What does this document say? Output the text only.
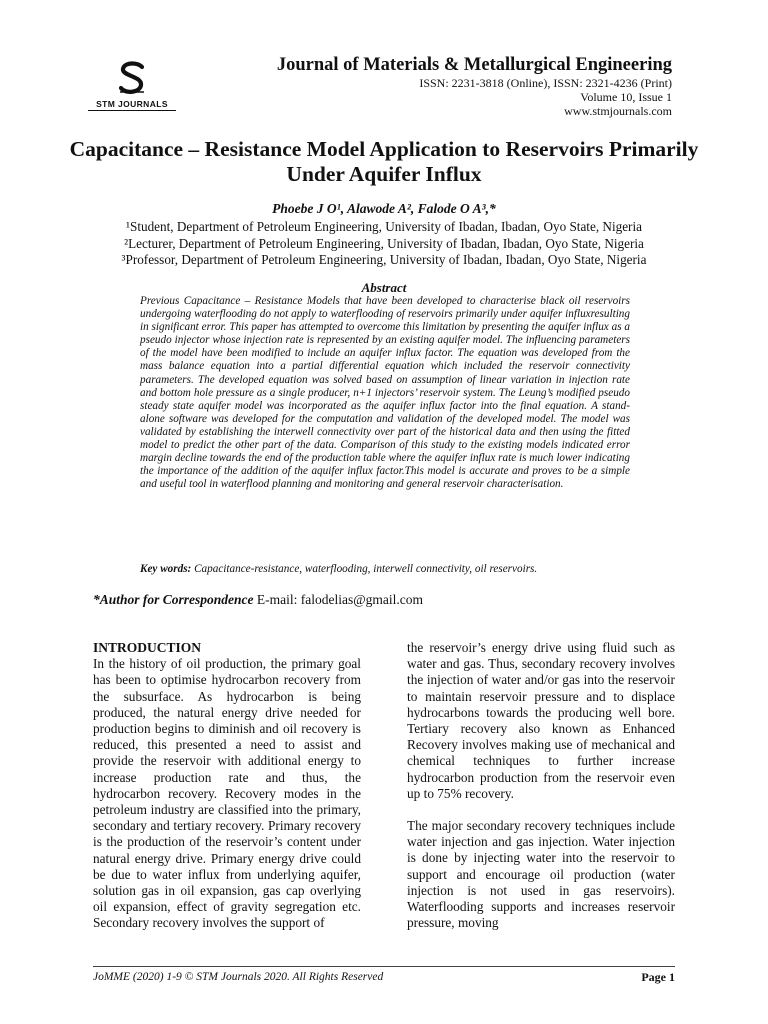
STM JOURNALS
Journal of Materials & Metallurgical Engineering
ISSN: 2231-3818 (Online), ISSN: 2321-4236 (Print)
Volume 10, Issue 1
www.stmjournals.com
Capacitance – Resistance Model Application to Reservoirs Primarily Under Aquifer Influx
Phoebe J O¹, Alawode A², Falode O A³,*
¹Student, Department of Petroleum Engineering, University of Ibadan, Ibadan, Oyo State, Nigeria
²Lecturer, Department of Petroleum Engineering, University of Ibadan, Ibadan, Oyo State, Nigeria
³Professor, Department of Petroleum Engineering, University of Ibadan, Ibadan, Oyo State, Nigeria
Abstract
Previous Capacitance – Resistance Models that have been developed to characterise black oil reservoirs undergoing waterflooding do not apply to waterflooding of reservoirs primarily under aquifer influxresulting in significant error. This paper has attempted to overcome this limitation by presenting the aquifer influx as a pseudo injector whose injection rate is represented by an existing aquifer model. The influencing parameters of the model have been modified to include an aquifer influx factor. The equation was developed from the mass balance equation into a partial differential equation which included the reservoir connectivity parameters. The developed equation was solved based on assumption of linear variation in injection rate and bottom hole pressure as a single producer, n+1 injectors’ reservoir system. The Leung’s modified pseudo steady state aquifer model was incorporated as the aquifer influx factor into the final equation. A stand-alone software was developed for the computation and validation of the developed model. The model was validated by establishing the interwell connectivity over part of the historical data and then using the fitted model to predict the other part of the data. Comparison of this study to the existing models indicated error margin decline towards the end of the production table where the aquifer influx rate is much lower indicating the importance of the addition of the aquifer influx factor.This model is accurate and proves to be a simple and useful tool in waterflood planning and monitoring and general reservoir characterisation.
Key words: Capacitance-resistance, waterflooding, interwell connectivity, oil reservoirs.
*Author for Correspondence E-mail: falodelias@gmail.com
INTRODUCTION

In the history of oil production, the primary goal has been to optimise hydrocarbon recovery from the subsurface. As hydrocarbon is being produced, the natural energy drive needed for production begins to diminish and oil recovery is reduced, this presented a need to assist and provide the reservoir with additional energy to increase production rate and thus, the hydrocarbon recovery. Recovery modes in the petroleum industry are classified into the primary, secondary and tertiary recovery. Primary recovery is the production of the reservoir’s content under natural energy drive. Primary energy drive could be due to water influx from underlying aquifer, solution gas in oil expansion, gas cap overlying oil expansion, effect of gravity segregation etc. Secondary recovery involves the support of

the reservoir’s energy drive using fluid such as water and gas. Thus, secondary recovery involves the injection of water and/or gas into the reservoir to maintain reservoir pressure and to displace hydrocarbons towards the producing well bore. Tertiary recovery also known as Enhanced Recovery involves making use of mechanical and chemical techniques to further increase hydrocarbon production from the reservoir even up to 75% recovery.

The major secondary recovery techniques include water injection and gas injection. Water injection is done by injecting water into the reservoir to support and encourage oil production (water injection is not used in gas reservoirs). Waterflooding supports and increases reservoir pressure, moving

JoMME (2020) 1-9 © STM Journals 2020. All Rights Reserved	Page 1
